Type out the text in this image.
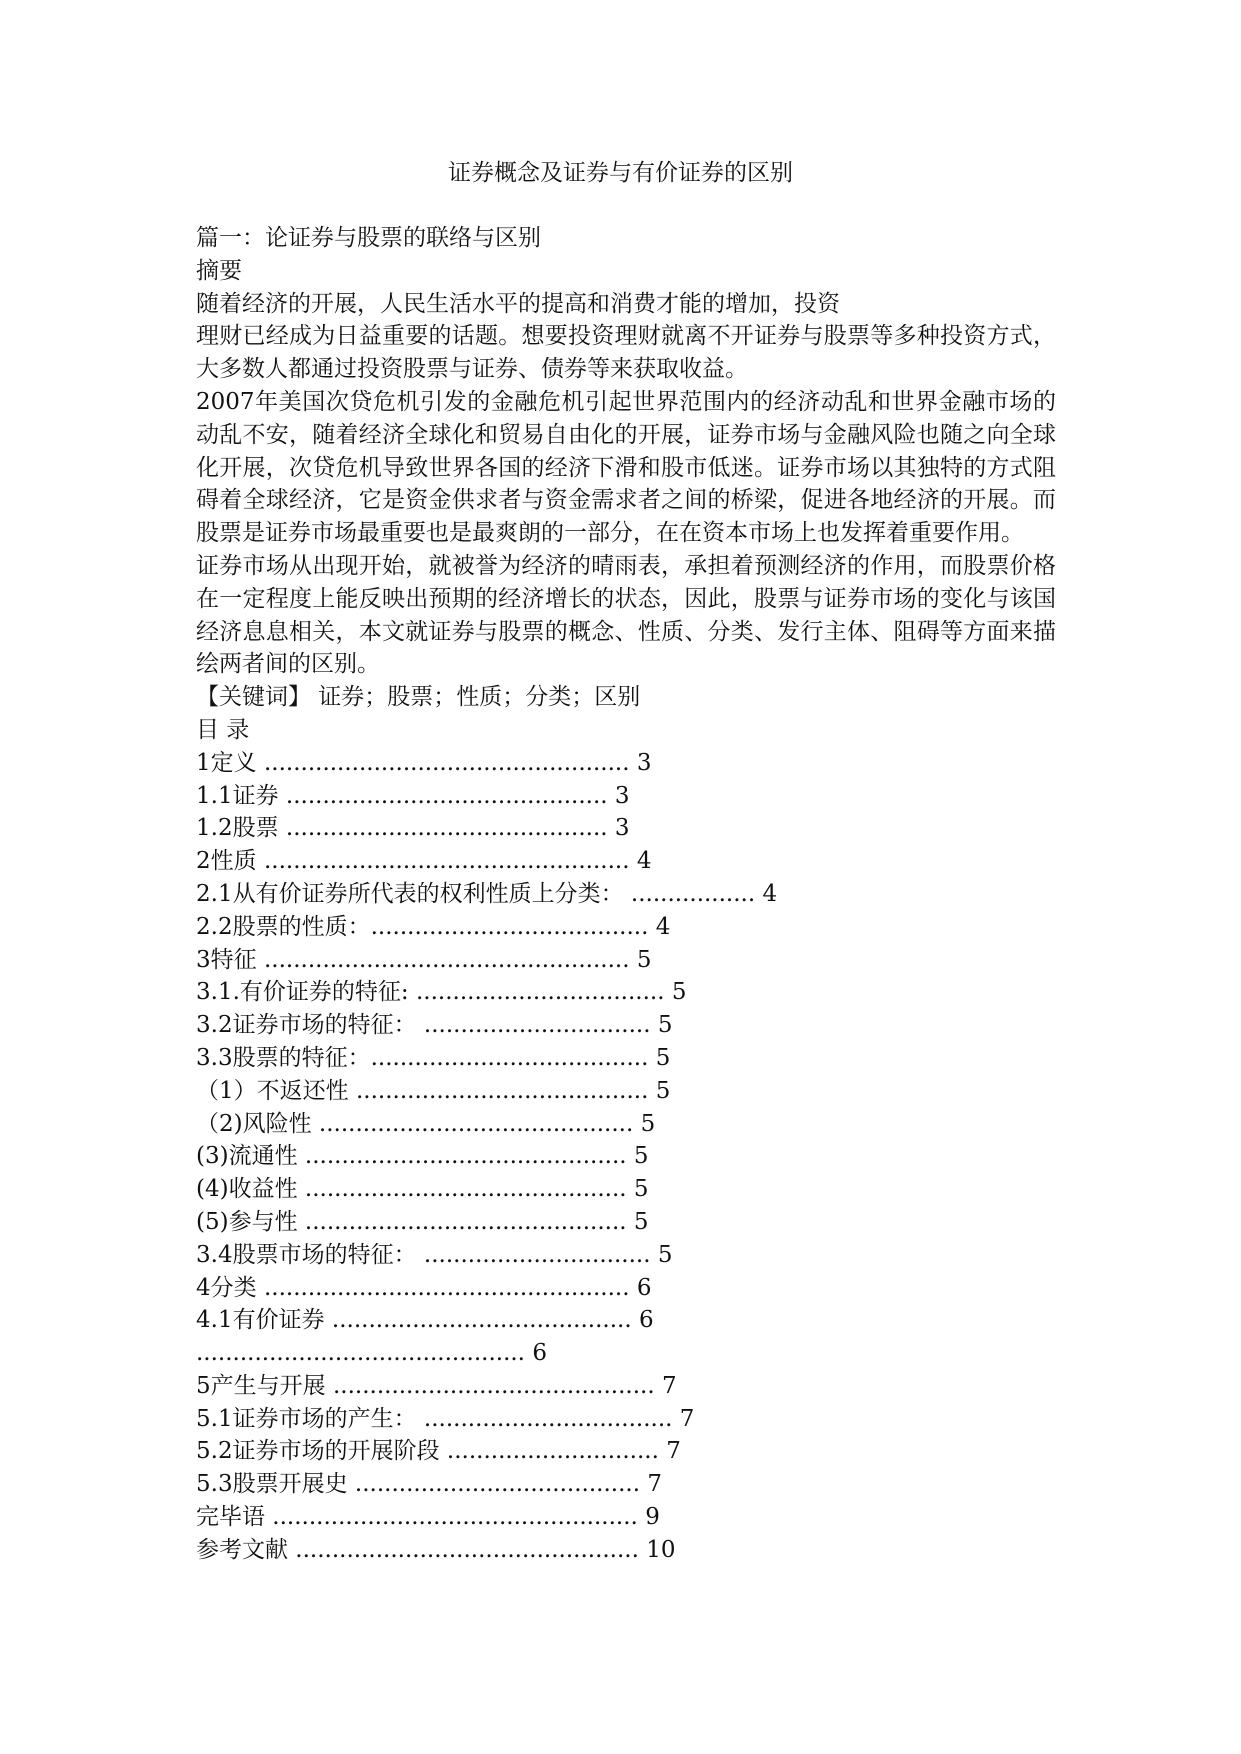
证券概念及证券与有价证券的区别
篇一：论证券与股票的联络与区别
摘要
随着经济的开展，人民生活水平的提高和消费才能的增加，投资
理财已经成为日益重要的话题。想要投资理财就离不开证券与股票等多种投资方式，大多数人都通过投资股票与证券、债券等来获取收益。
2007年美国次贷危机引发的金融危机引起世界范围内的经济动乱和世界金融市场的动乱不安，随着经济全球化和贸易自由化的开展，证券市场与金融风险也随之向全球化开展，次贷危机导致世界各国的经济下滑和股市低迷。证券市场以其独特的方式阻碍着全球经济，它是资金供求者与资金需求者之间的桥梁，促进各地经济的开展。而股票是证券市场最重要也是最爽朗的一部分，在在资本市场上也发挥着重要作用。
证券市场从出现开始，就被誉为经济的晴雨表，承担着预测经济的作用，而股票价格在一定程度上能反映出预期的经济增长的状态，因此，股票与证券市场的变化与该国经济息息相关，本文就证券与股票的概念、性质、分类、发行主体、阻碍等方面来描绘两者间的区别。
【关键词】 证券；股票；性质；分类；区别
目 录
1定义 .................................................. 3
1.1证券 ............................................ 3
1.2股票 ............................................ 3
2性质 .................................................. 4
2.1从有价证券所代表的权利性质上分类： ................. 4
2.2股票的性质：...................................... 4
3特征 .................................................. 5
3.1.有价证券的特征: .................................. 5
3.2证券市场的特征： ............................... 5
3.3股票的特征：...................................... 5
（1）不返还性 ........................................ 5
（2)风险性 ........................................... 5
(3)流通性 ............................................ 5
(4)收益性 ............................................ 5
(5)参与性 ............................................ 5
3.4股票市场的特征： ............................... 5
4分类 .................................................. 6
4.1有价证券 ......................................... 6
............................................. 6
5产生与开展 ............................................ 7
5.1证券市场的产生： .................................. 7
5.2证券市场的开展阶段 ............................. 7
5.3股票开展史 ....................................... 7
完毕语 .................................................. 9
参考文献 ............................................... 10
